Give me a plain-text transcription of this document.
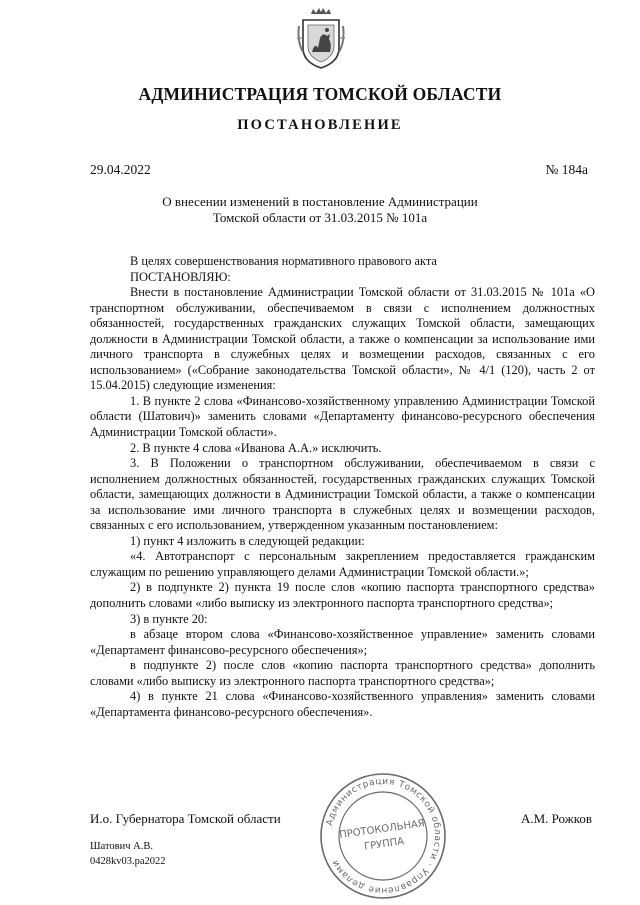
АДМИНИСТРАЦИЯ ТОМСКОЙ ОБЛАСТИ
ПОСТАНОВЛЕНИЕ
29.04.2022	№ 184а
О внесении изменений в постановление Администрации
Томской области от 31.03.2015 № 101а

В целях совершенствования нормативного правового акта

ПОСТАНОВЛЯЮ:

Внести в постановление Администрации Томской области от 31.03.2015 № 101а «О транспортном обслуживании, обеспечиваемом в связи с исполнением должностных обязанностей, государственных гражданских служащих Томской области, замещающих должности в Администрации Томской области, а также о компенсации за использование ими личного транспорта в служебных целях и возмещении расходов, связанных с его использованием» («Собрание законодательства Томской области», № 4/1 (120), часть 2 от 15.04.2015) следующие изменения:

1. В пункте 2 слова «Финансово-хозяйственному управлению Администрации Томской области (Шатович)» заменить словами «Департаменту финансово-ресурсного обеспечения Администрации Томской области».

2. В пункте 4 слова «Иванова А.А.» исключить.

3. В Положении о транспортном обслуживании, обеспечиваемом в связи с исполнением должностных обязанностей, государственных гражданских служащих Томской области, замещающих должности в Администрации Томской области, а также о компенсации за использование ими личного транспорта в служебных целях и возмещении расходов, связанных с его использованием, утвержденном указанным постановлением:

1) пункт 4 изложить в следующей редакции:

«4. Автотранспорт с персональным закреплением предоставляется гражданским служащим по решению управляющего делами Администрации Томской области.»;

2) в подпункте 2) пункта 19 после слов «копию паспорта транспортного средства» дополнить словами «либо выписку из электронного паспорта транспортного средства»;

3) в пункте 20:

в абзаце втором слова «Финансово-хозяйственное управление» заменить словами «Департамент финансово-ресурсного обеспечения»;

в подпункте 2) после слов «копию паспорта транспортного средства» дополнить словами «либо выписку из электронного паспорта транспортного средства»;

4) в пункте 21 слова «Финансово-хозяйственного управления» заменить словами «Департамента финансово-ресурсного обеспечения».

И.о. Губернатора Томской области	А.М. Рожков
Администрация Томской области · Управление делами
ПРОТОКОЛЬНАЯ
ГРУППА
Шатович А.В.
0428kv03.pa2022
